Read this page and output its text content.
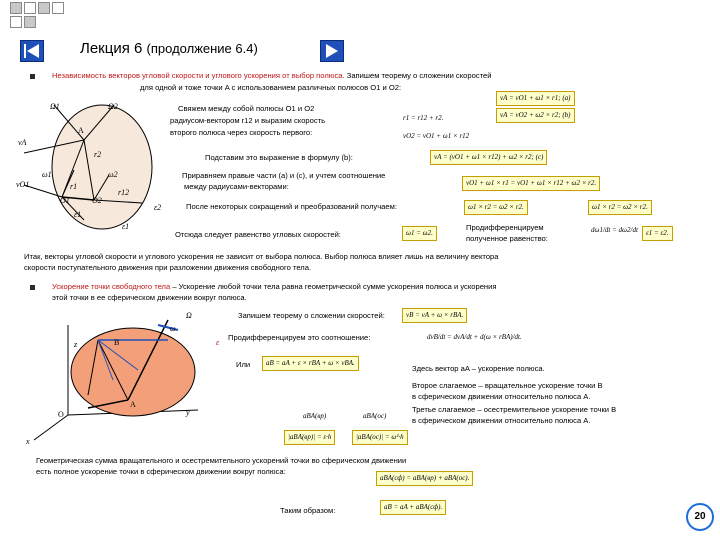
Лекция 6 (продолжение 6.4)
Независимость векторов угловой скорости и углового ускорения от выбор полюса. Запишем теорему о сложении скоростей
для одной и тоже точки A с использованием различных полюсов O1 и O2:
Свяжем между собой полюсы O1 и O2
радиусом-вектором r12 и выразим скорость
второго полюса через скорость первого:
vA = vO1 + ω1 × r1; (a)
vA = vO2 + ω2 × r2; (b)
r1 = r12 + r2.
vO2 = vO1 + ω1 × r12
Подставим это выражение в формулу (b):	vA = (vO1 + ω1 × r12) + ω2 × r2; (c)
Приравняем правые части (a) и (c), и учтем соотношение
между радиусами-векторами:	vO1 + ω1 × r1 = vO1 + ω1 × r12 + ω2 × r2.
После некоторых сокращений и преобразований получаем:	ω1 × r2 = ω2 × r2.	ω1 × r2 = ω2 × r2.
Отсюда следует равенство угловых скоростей:	ω1 = ω2.
Продифференцируем
полученное равенство:
dω1/dt = dω2/dt	ε1 = ε2.
Итак, векторы угловой скорости и углового ускорения не зависит от выбора полюса. Выбор полюса влияет лишь на величину вектора
скорости поступательного движения при разложении движения свободного тела.
Ω1	Ω2
A
vA
r2
ω1	ω2
vO1	r1
r12
O1	O2
ε1
ε2
ε1
Ускорение точки свободного тела – Ускорение любой точки тела равна геометрической сумме ускорения полюса и ускорения
этой точки в ее сферическом движении вокруг полюса.
Запишем теорему о сложении скоростей:	vB = vA + ω × rBA.
Продифференцируем это соотношение:	dvB/dt = dvA/dt + d(ω × rBA)/dt.
Или	aB = aA + ε × rBA + ω × vBA.
Здесь вектор aA – ускорение полюса.
Второе слагаемое – вращательное ускорение точки B
в сферическом движении относительно полюса A.
Третье слагаемое – осестремительное ускорение точки B
в сферическом движении относительно полюса A.
aBA(вр)	aBA(ос)
|aBA(вр)| = ε·h	|aBA(ос)| = ω²·h
Геометрическая сумма вращательного и осестремительного ускорений точки во сферическом движении
есть полное ускорение точки в сферическом движении вокруг полюса:
aBA(сф) = aBA(вр) + aBA(ос).
Таким образом:	aB = aA + aBA(сф).
Ω
ε
ω
B
A
O
x
y
z
20
